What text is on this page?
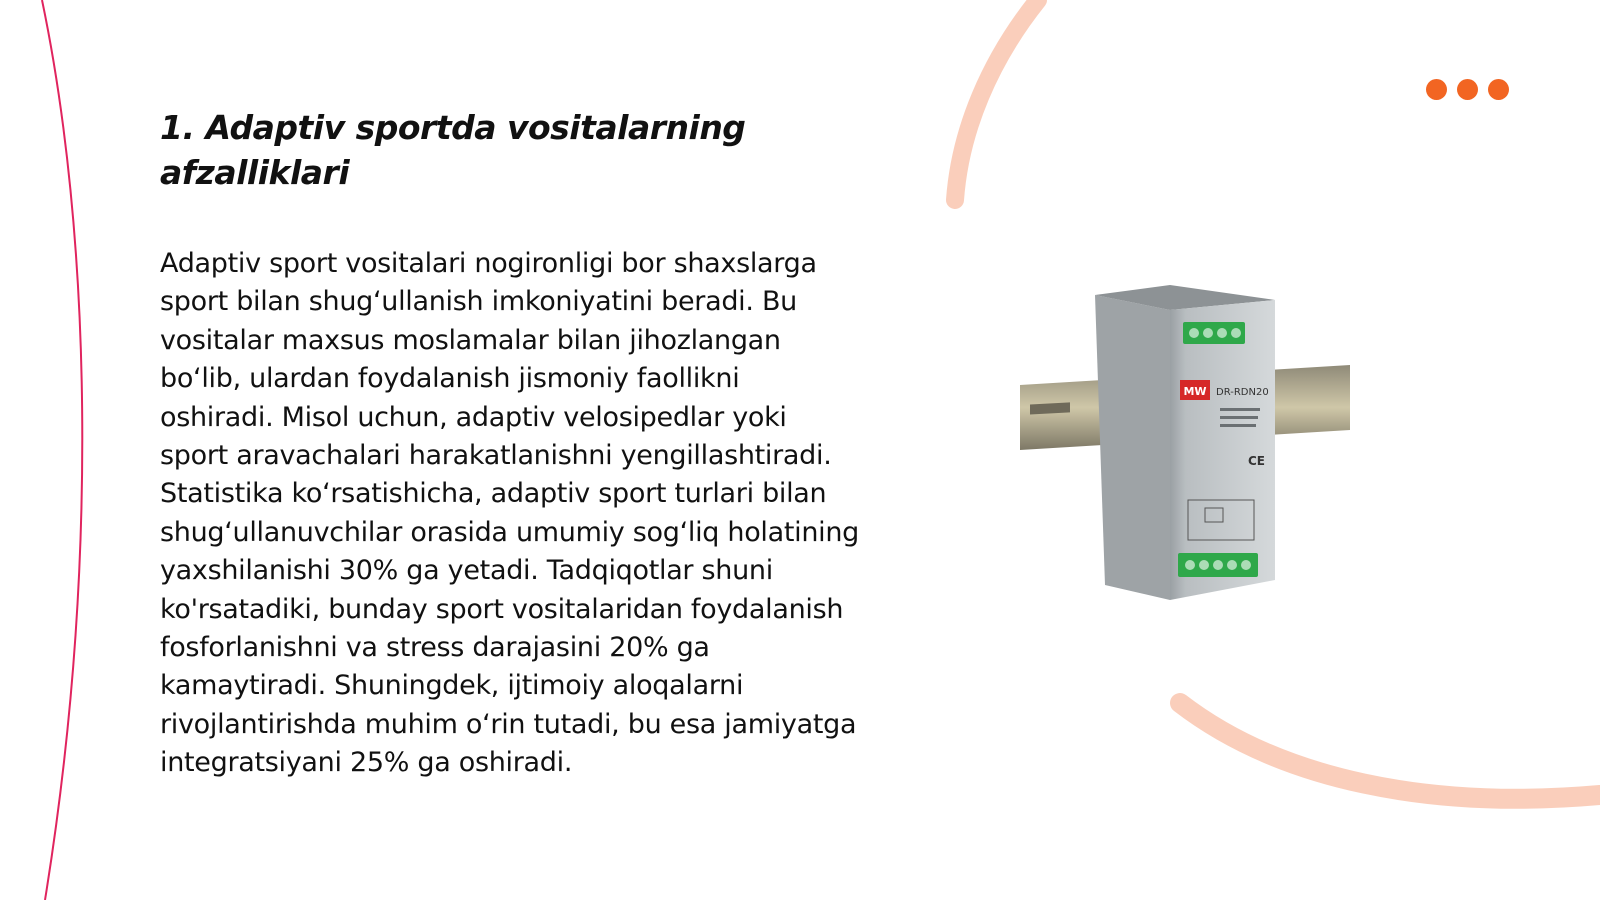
1. Adaptiv sportda vositalarning afzalliklari
Adaptiv sport vositalari nogironligi bor shaxslarga sport bilan shug‘ullanish imkoniyatini beradi. Bu vositalar maxsus moslamalar bilan jihozlangan bo‘lib, ulardan foydalanish jismoniy faollikni oshiradi. Misol uchun, adaptiv velosipedlar yoki sport aravachalari harakatlanishni yengillashtiradi. Statistika ko‘rsatishicha, adaptiv sport turlari bilan shug‘ullanuvchilar orasida umumiy sog‘liq holatining yaxshilanishi 30% ga yetadi. Tadqiqotlar shuni ko'rsatadiki, bunday sport vositalaridan foydalanish fosforlanishni va stress darajasini 20% ga kamaytiradi. Shuningdek, ijtimoiy aloqalarni rivojlantirishda muhim o‘rin tutadi, bu esa jamiyatga integratsiyani 25% ga oshiradi.
MW DR-RDN20
CE
